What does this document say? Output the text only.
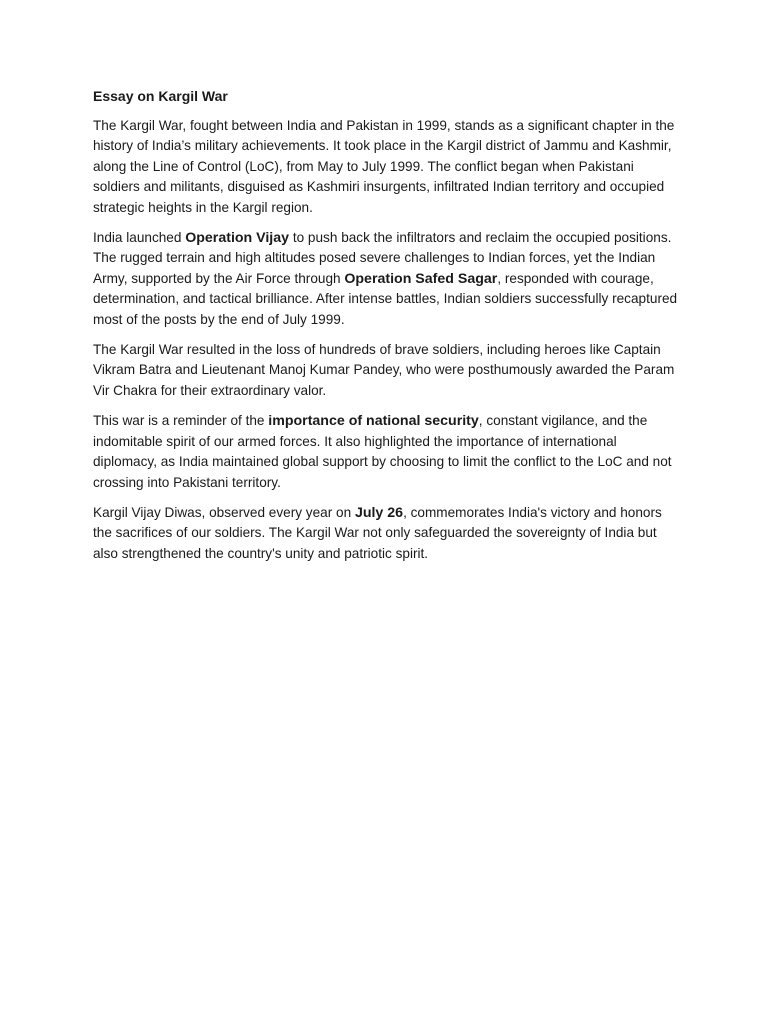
Essay on Kargil War

The Kargil War, fought between India and Pakistan in 1999, stands as a significant chapter in the history of India’s military achievements. It took place in the Kargil district of Jammu and Kashmir, along the Line of Control (LoC), from May to July 1999. The conflict began when Pakistani soldiers and militants, disguised as Kashmiri insurgents, infiltrated Indian territory and occupied strategic heights in the Kargil region.

India launched Operation Vijay to push back the infiltrators and reclaim the occupied positions. The rugged terrain and high altitudes posed severe challenges to Indian forces, yet the Indian Army, supported by the Air Force through Operation Safed Sagar, responded with courage, determination, and tactical brilliance. After intense battles, Indian soldiers successfully recaptured most of the posts by the end of July 1999.

The Kargil War resulted in the loss of hundreds of brave soldiers, including heroes like Captain Vikram Batra and Lieutenant Manoj Kumar Pandey, who were posthumously awarded the Param Vir Chakra for their extraordinary valor.

This war is a reminder of the importance of national security, constant vigilance, and the indomitable spirit of our armed forces. It also highlighted the importance of international diplomacy, as India maintained global support by choosing to limit the conflict to the LoC and not crossing into Pakistani territory.

Kargil Vijay Diwas, observed every year on July 26, commemorates India's victory and honors the sacrifices of our soldiers. The Kargil War not only safeguarded the sovereignty of India but also strengthened the country's unity and patriotic spirit.
